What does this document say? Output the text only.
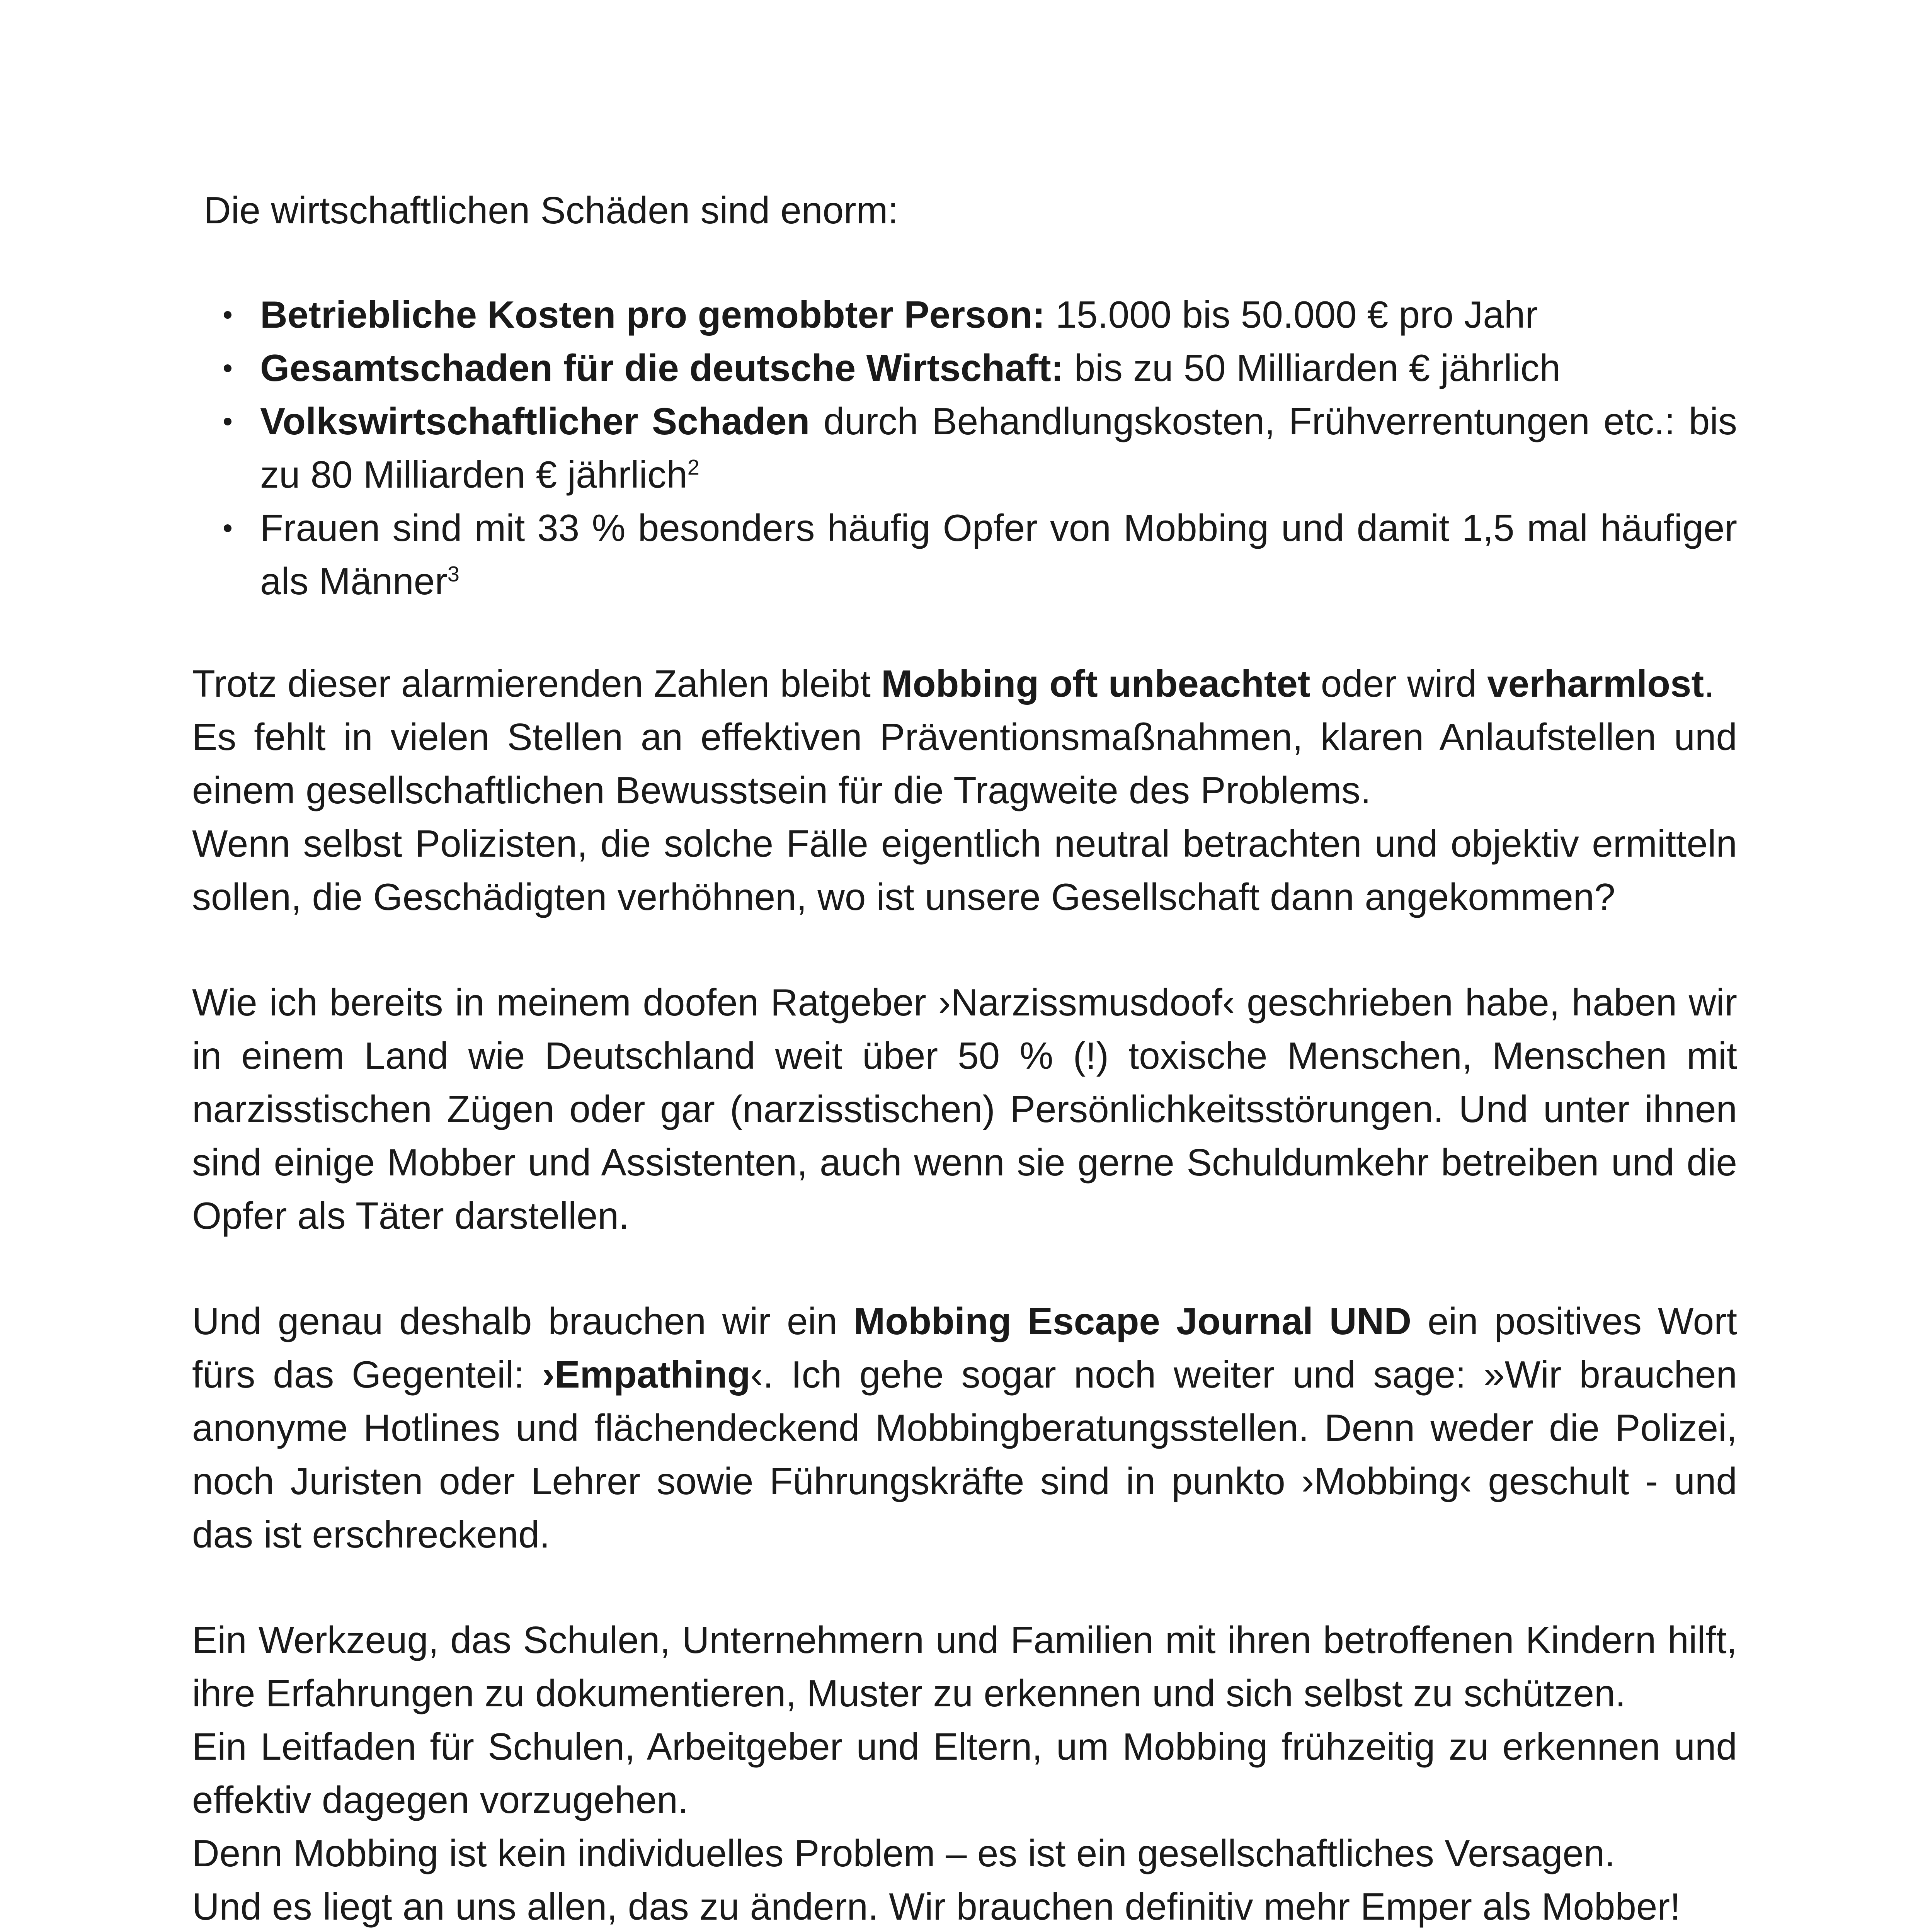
Die wirtschaftlichen Schäden sind enorm:

Betriebliche Kosten pro gemobbter Person: 15.000 bis 50.000 € pro Jahr
Gesamtschaden für die deutsche Wirtschaft: bis zu 50 Milliarden € jährlich
Volkswirtschaftlicher Schaden durch Behandlungskosten, Frühverrentungen etc.: bis zu 80 Milliarden € jährlich$^2$
Frauen sind mit 33 % besonders häufig Opfer von Mobbing und damit 1,5 mal häufiger als Männer$^3$

Trotz dieser alarmierenden Zahlen bleibt Mobbing oft unbeachtet oder wird verharmlost.

Es fehlt in vielen Stellen an effektiven Präventionsmaßnahmen, klaren Anlaufstellen und einem gesellschaftlichen Bewusstsein für die Tragweite des Problems.

Wenn selbst Polizisten, die solche Fälle eigentlich neutral betrachten und objektiv ermitteln sollen, die Geschädigten verhöhnen, wo ist unsere Gesellschaft dann angekommen?

Wie ich bereits in meinem doofen Ratgeber ›Narzissmusdoof‹ geschrieben habe, haben wir in einem Land wie Deutschland weit über 50 % (!) toxische Menschen, Menschen mit narzisstischen Zügen oder gar (narzisstischen) Persönlichkeitsstörungen. Und unter ihnen sind einige Mobber und Assistenten, auch wenn sie gerne Schuldumkehr betreiben und die Opfer als Täter darstellen.

Und genau deshalb brauchen wir ein Mobbing Escape Journal UND ein positives Wort fürs das Gegenteil: ›Empathing‹. Ich gehe sogar noch weiter und sage: »Wir brauchen anonyme Hotlines und flächendeckend Mobbingberatungsstellen. Denn weder die Polizei, noch Juristen oder Lehrer sowie Führungskräfte sind in punkto ›Mobbing‹ geschult - und das ist erschreckend.

Ein Werkzeug, das Schulen, Unternehmern und Familien mit ihren betroffenen Kindern hilft, ihre Erfahrungen zu dokumentieren, Muster zu erkennen und sich selbst zu schützen.

Ein Leitfaden für Schulen, Arbeitgeber und Eltern, um Mobbing frühzeitig zu erkennen und effektiv dagegen vorzugehen.

Denn Mobbing ist kein individuelles Problem – es ist ein gesellschaftliches Versagen.

Und es liegt an uns allen, das zu ändern. Wir brauchen definitiv mehr Emper als Mobber!
